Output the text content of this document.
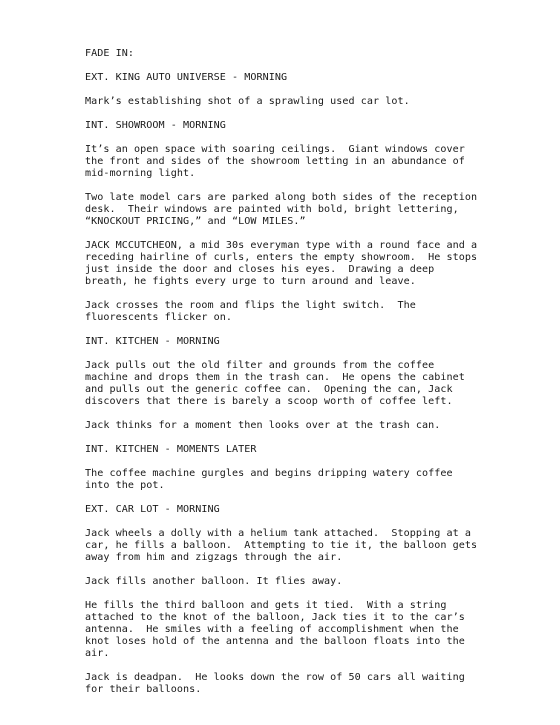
FADE IN:
EXT. KING AUTO UNIVERSE - MORNING
Mark’s establishing shot of a sprawling used car lot.
INT. SHOWROOM - MORNING
It’s an open space with soaring ceilings.  Giant windows cover
the front and sides of the showroom letting in an abundance of
mid-morning light.
Two late model cars are parked along both sides of the reception
desk.  Their windows are painted with bold, bright lettering,
“KNOCKOUT PRICING,” and “LOW MILES.”
JACK MCCUTCHEON, a mid 30s everyman type with a round face and a
receding hairline of curls, enters the empty showroom.  He stops
just inside the door and closes his eyes.  Drawing a deep
breath, he fights every urge to turn around and leave.
Jack crosses the room and flips the light switch.  The
fluorescents flicker on.
INT. KITCHEN - MORNING
Jack pulls out the old filter and grounds from the coffee
machine and drops them in the trash can.  He opens the cabinet
and pulls out the generic coffee can.  Opening the can, Jack
discovers that there is barely a scoop worth of coffee left.
Jack thinks for a moment then looks over at the trash can.
INT. KITCHEN - MOMENTS LATER
The coffee machine gurgles and begins dripping watery coffee
into the pot.
EXT. CAR LOT - MORNING
Jack wheels a dolly with a helium tank attached.  Stopping at a
car, he fills a balloon.  Attempting to tie it, the balloon gets
away from him and zigzags through the air.
Jack fills another balloon. It flies away.
He fills the third balloon and gets it tied.  With a string
attached to the knot of the balloon, Jack ties it to the car’s
antenna.  He smiles with a feeling of accomplishment when the
knot loses hold of the antenna and the balloon floats into the
air.
Jack is deadpan.  He looks down the row of 50 cars all waiting
for their balloons.
